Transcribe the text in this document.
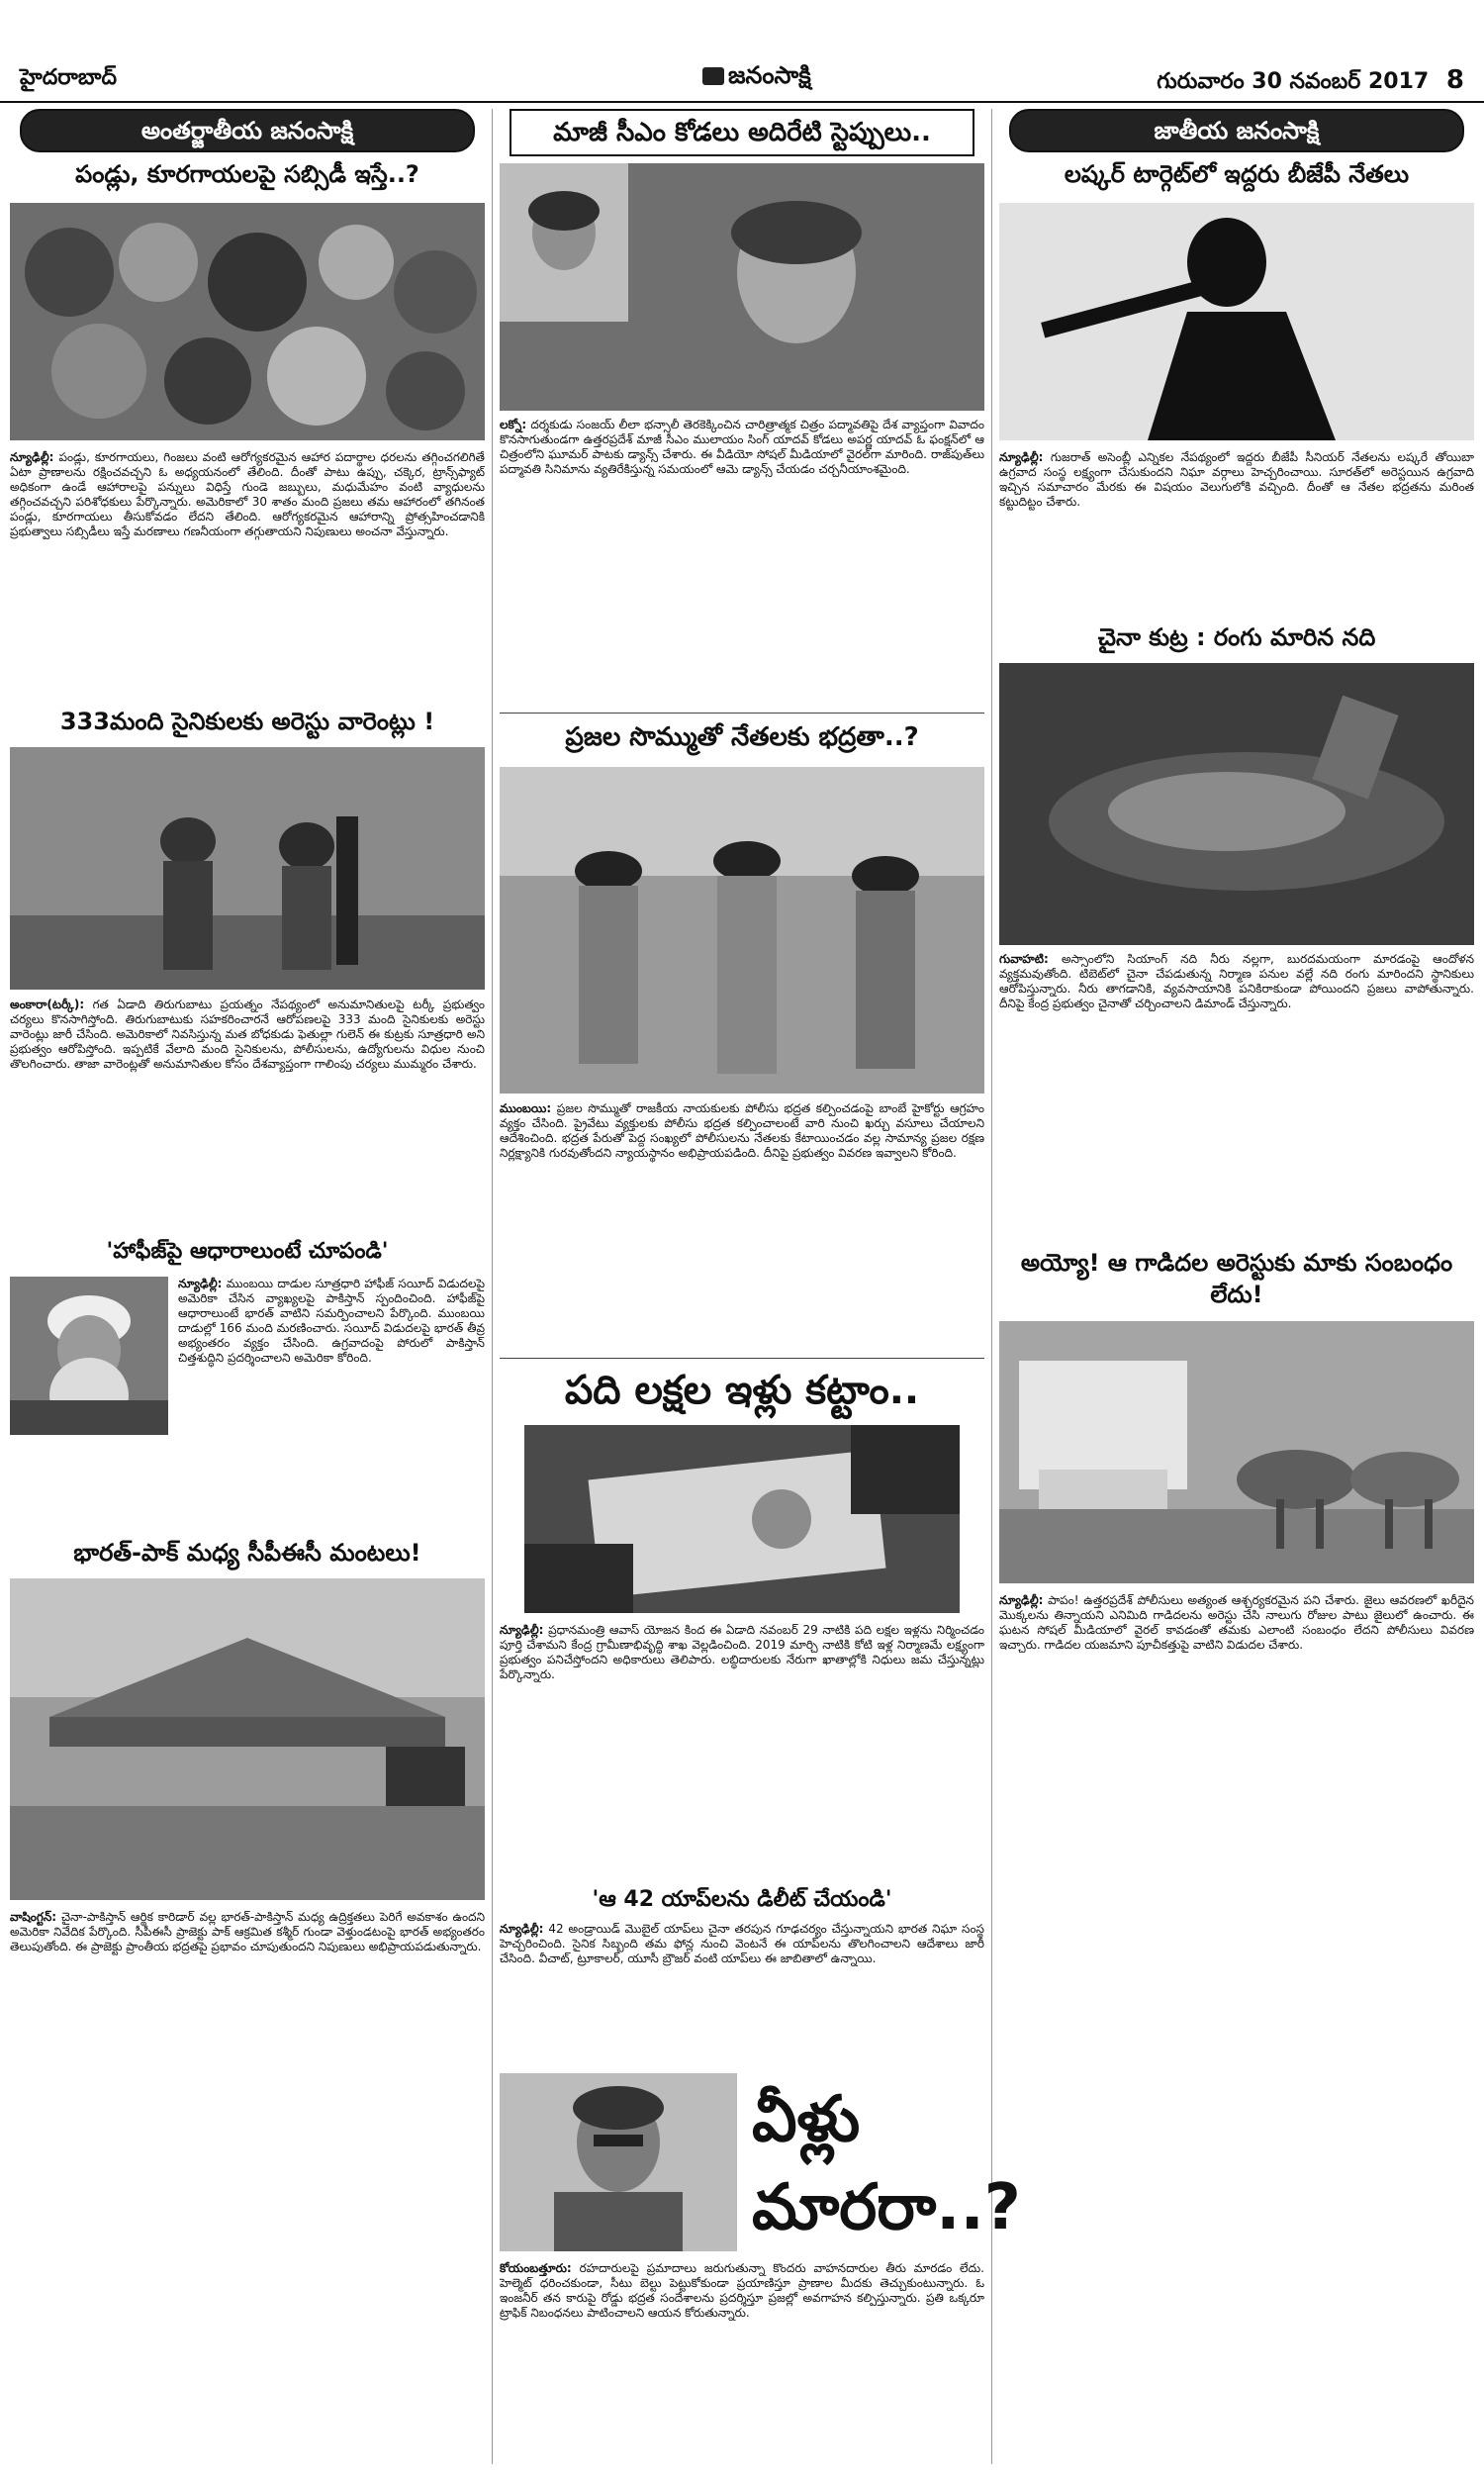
హైదరాబాద్	జనంసాక్షి	గురువారం 30 నవంబర్ 2017 8
అంతర్జాతీయ జనంసాక్షి
పండ్లు, కూరగాయలపై సబ్సిడీ ఇస్తే..?
న్యూఢిల్లీ: పండ్లు, కూరగాయలు, గింజలు వంటి ఆరోగ్యకరమైన ఆహార పదార్థాల ధరలను తగ్గించగలిగితే ఏటా ప్రాణాలను రక్షించవచ్చని ఓ అధ్యయనంలో తేలింది. దీంతో పాటు ఉప్పు, చక్కెర, ట్రాన్స్‌ఫ్యాట్ అధికంగా ఉండే ఆహారాలపై పన్నులు విధిస్తే గుండె జబ్బులు, మధుమేహం వంటి వ్యాధులను తగ్గించవచ్చని పరిశోధకులు పేర్కొన్నారు. అమెరికాలో 30 శాతం మంది ప్రజలు తమ ఆహారంలో తగినంత పండ్లు, కూరగాయలు తీసుకోవడం లేదని తేలింది. ఆరోగ్యకరమైన ఆహారాన్ని ప్రోత్సహించడానికి ప్రభుత్వాలు సబ్సిడీలు ఇస్తే మరణాలు గణనీయంగా తగ్గుతాయని నిపుణులు అంచనా వేస్తున్నారు.
333మంది సైనికులకు అరెస్టు వారెంట్లు !
అంకారా(టర్కీ): గత ఏడాది తిరుగుబాటు ప్రయత్నం నేపథ్యంలో అనుమానితులపై టర్కీ ప్రభుత్వం చర్యలు కొనసాగిస్తోంది. తిరుగుబాటుకు సహకరించారనే ఆరోపణలపై 333 మంది సైనికులకు అరెస్టు వారెంట్లు జారీ చేసింది. అమెరికాలో నివసిస్తున్న మత బోధకుడు ఫెతుల్లా గులెన్ ఈ కుట్రకు సూత్రధారి అని ప్రభుత్వం ఆరోపిస్తోంది. ఇప్పటికే వేలాది మంది సైనికులను, పోలీసులను, ఉద్యోగులను విధుల నుంచి తొలగించారు. తాజా వారెంట్లతో అనుమానితుల కోసం దేశవ్యాప్తంగా గాలింపు చర్యలు ముమ్మరం చేశారు.
'హాఫీజ్‌పై ఆధారాలుంటే చూపండి'
న్యూఢిల్లీ: ముంబయి దాడుల సూత్రధారి హాఫీజ్ సయీద్ విడుదలపై అమెరికా చేసిన వ్యాఖ్యలపై పాకిస్తాన్ స్పందించింది. హాఫీజ్‌పై ఆధారాలుంటే భారత్ వాటిని సమర్పించాలని పేర్కొంది. ముంబయి దాడుల్లో 166 మంది మరణించారు. సయీద్ విడుదలపై భారత్ తీవ్ర అభ్యంతరం వ్యక్తం చేసింది. ఉగ్రవాదంపై పోరులో పాకిస్తాన్ చిత్తశుద్ధిని ప్రదర్శించాలని అమెరికా కోరింది.
భారత్-పాక్ మధ్య సీపీఈసీ మంటలు!
వాషింగ్టన్: చైనా-పాకిస్తాన్ ఆర్థిక కారిడార్ వల్ల భారత్-పాకిస్తాన్ మధ్య ఉద్రిక్తతలు పెరిగే అవకాశం ఉందని అమెరికా నివేదిక పేర్కొంది. సీపీఈసీ ప్రాజెక్టు పాక్ ఆక్రమిత కశ్మీర్ గుండా వెళ్తుండటంపై భారత్ అభ్యంతరం తెలుపుతోంది. ఈ ప్రాజెక్టు ప్రాంతీయ భద్రతపై ప్రభావం చూపుతుందని నిపుణులు అభిప్రాయపడుతున్నారు.
మాజీ సీఎం కోడలు అదిరేటి స్టెప్పులు..
లక్నో: దర్శకుడు సంజయ్ లీలా భన్సాలీ తెరకెక్కించిన చారిత్రాత్మక చిత్రం పద్మావతిపై దేశ వ్యాప్తంగా వివాదం కొనసాగుతుండగా ఉత్తరప్రదేశ్ మాజీ సీఎం ములాయం సింగ్ యాదవ్ కోడలు అపర్ణ యాదవ్ ఓ ఫంక్షన్‌లో ఆ చిత్రంలోని ఘూమర్ పాటకు డ్యాన్స్ చేశారు. ఈ వీడియో సోషల్ మీడియాలో వైరల్‌గా మారింది. రాజ్‌పుత్‌లు పద్మావతి సినిమాను వ్యతిరేకిస్తున్న సమయంలో ఆమె డ్యాన్స్ చేయడం చర్చనీయాంశమైంది.
ప్రజల సొమ్ముతో నేతలకు భద్రతా..?
ముంబయి: ప్రజల సొమ్ముతో రాజకీయ నాయకులకు పోలీసు భద్రత కల్పించడంపై బాంబే హైకోర్టు ఆగ్రహం వ్యక్తం చేసింది. ప్రైవేటు వ్యక్తులకు పోలీసు భద్రత కల్పించాలంటే వారి నుంచి ఖర్చు వసూలు చేయాలని ఆదేశించింది. భద్రత పేరుతో పెద్ద సంఖ్యలో పోలీసులను నేతలకు కేటాయించడం వల్ల సామాన్య ప్రజల రక్షణ నిర్లక్ష్యానికి గురవుతోందని న్యాయస్థానం అభిప్రాయపడింది. దీనిపై ప్రభుత్వం వివరణ ఇవ్వాలని కోరింది.
పది లక్షల ఇళ్లు కట్టాం..
న్యూఢిల్లీ: ప్రధానమంత్రి ఆవాస్ యోజన కింద ఈ ఏడాది నవంబర్ 29 నాటికి పది లక్షల ఇళ్లను నిర్మించడం పూర్తి చేశామని కేంద్ర గ్రామీణాభివృద్ధి శాఖ వెల్లడించింది. 2019 మార్చి నాటికి కోటి ఇళ్ల నిర్మాణమే లక్ష్యంగా ప్రభుత్వం పనిచేస్తోందని అధికారులు తెలిపారు. లబ్ధిదారులకు నేరుగా ఖాతాల్లోకి నిధులు జమ చేస్తున్నట్లు పేర్కొన్నారు.
'ఆ 42 యాప్‌లను డిలీట్ చేయండి'
న్యూఢిల్లీ: 42 అండ్రాయిడ్ మొబైల్ యాప్‌లు చైనా తరపున గూఢచర్యం చేస్తున్నాయని భారత నిఘా సంస్థ హెచ్చరించింది. సైనిక సిబ్బంది తమ ఫోన్ల నుంచి వెంటనే ఈ యాప్‌లను తొలగించాలని ఆదేశాలు జారీ చేసింది. వీచాట్, ట్రూకాలర్, యూసీ బ్రౌజర్ వంటి యాప్‌లు ఈ జాబితాలో ఉన్నాయి.
వీళ్లు మారరా..?
కోయంబత్తూరు: రహదారులపై ప్రమాదాలు జరుగుతున్నా కొందరు వాహనదారుల తీరు మారడం లేదు. హెల్మెట్ ధరించకుండా, సీటు బెల్టు పెట్టుకోకుండా ప్రయాణిస్తూ ప్రాణాల మీదకు తెచ్చుకుంటున్నారు. ఓ ఇంజనీర్ తన కారుపై రోడ్డు భద్రత సందేశాలను ప్రదర్శిస్తూ ప్రజల్లో అవగాహన కల్పిస్తున్నారు. ప్రతి ఒక్కరూ ట్రాఫిక్ నిబంధనలు పాటించాలని ఆయన కోరుతున్నారు.
జాతీయ జనంసాక్షి
లష్కర్ టార్గెట్‌లో ఇద్దరు బీజేపీ నేతలు
న్యూఢిల్లీ: గుజరాత్ అసెంబ్లీ ఎన్నికల నేపథ్యంలో ఇద్దరు బీజేపీ సీనియర్ నేతలను లష్కరే తోయిబా ఉగ్రవాద సంస్థ లక్ష్యంగా చేసుకుందని నిఘా వర్గాలు హెచ్చరించాయి. సూరత్‌లో అరెస్టయిన ఉగ్రవాది ఇచ్చిన సమాచారం మేరకు ఈ విషయం వెలుగులోకి వచ్చింది. దీంతో ఆ నేతల భద్రతను మరింత కట్టుదిట్టం చేశారు.
చైనా కుట్ర : రంగు మారిన నది
గువాహటి: అస్సాంలోని సియాంగ్ నది నీరు నల్లగా, బురదమయంగా మారడంపై ఆందోళన వ్యక్తమవుతోంది. టిబెట్‌లో చైనా చేపడుతున్న నిర్మాణ పనుల వల్లే నది రంగు మారిందని స్థానికులు ఆరోపిస్తున్నారు. నీరు తాగడానికి, వ్యవసాయానికి పనికిరాకుండా పోయిందని ప్రజలు వాపోతున్నారు. దీనిపై కేంద్ర ప్రభుత్వం చైనాతో చర్చించాలని డిమాండ్ చేస్తున్నారు.
అయ్యో! ఆ గాడిదల అరెస్టుకు మాకు సంబంధం లేదు!
న్యూఢిల్లీ: పాపం! ఉత్తరప్రదేశ్ పోలీసులు అత్యంత ఆశ్చర్యకరమైన పని చేశారు. జైలు ఆవరణలో ఖరీదైన మొక్కలను తిన్నాయని ఎనిమిది గాడిదలను అరెస్టు చేసి నాలుగు రోజుల పాటు జైలులో ఉంచారు. ఈ ఘటన సోషల్ మీడియాలో వైరల్ కావడంతో తమకు ఎలాంటి సంబంధం లేదని పోలీసులు వివరణ ఇచ్చారు. గాడిదల యజమాని పూచీకత్తుపై వాటిని విడుదల చేశారు.
